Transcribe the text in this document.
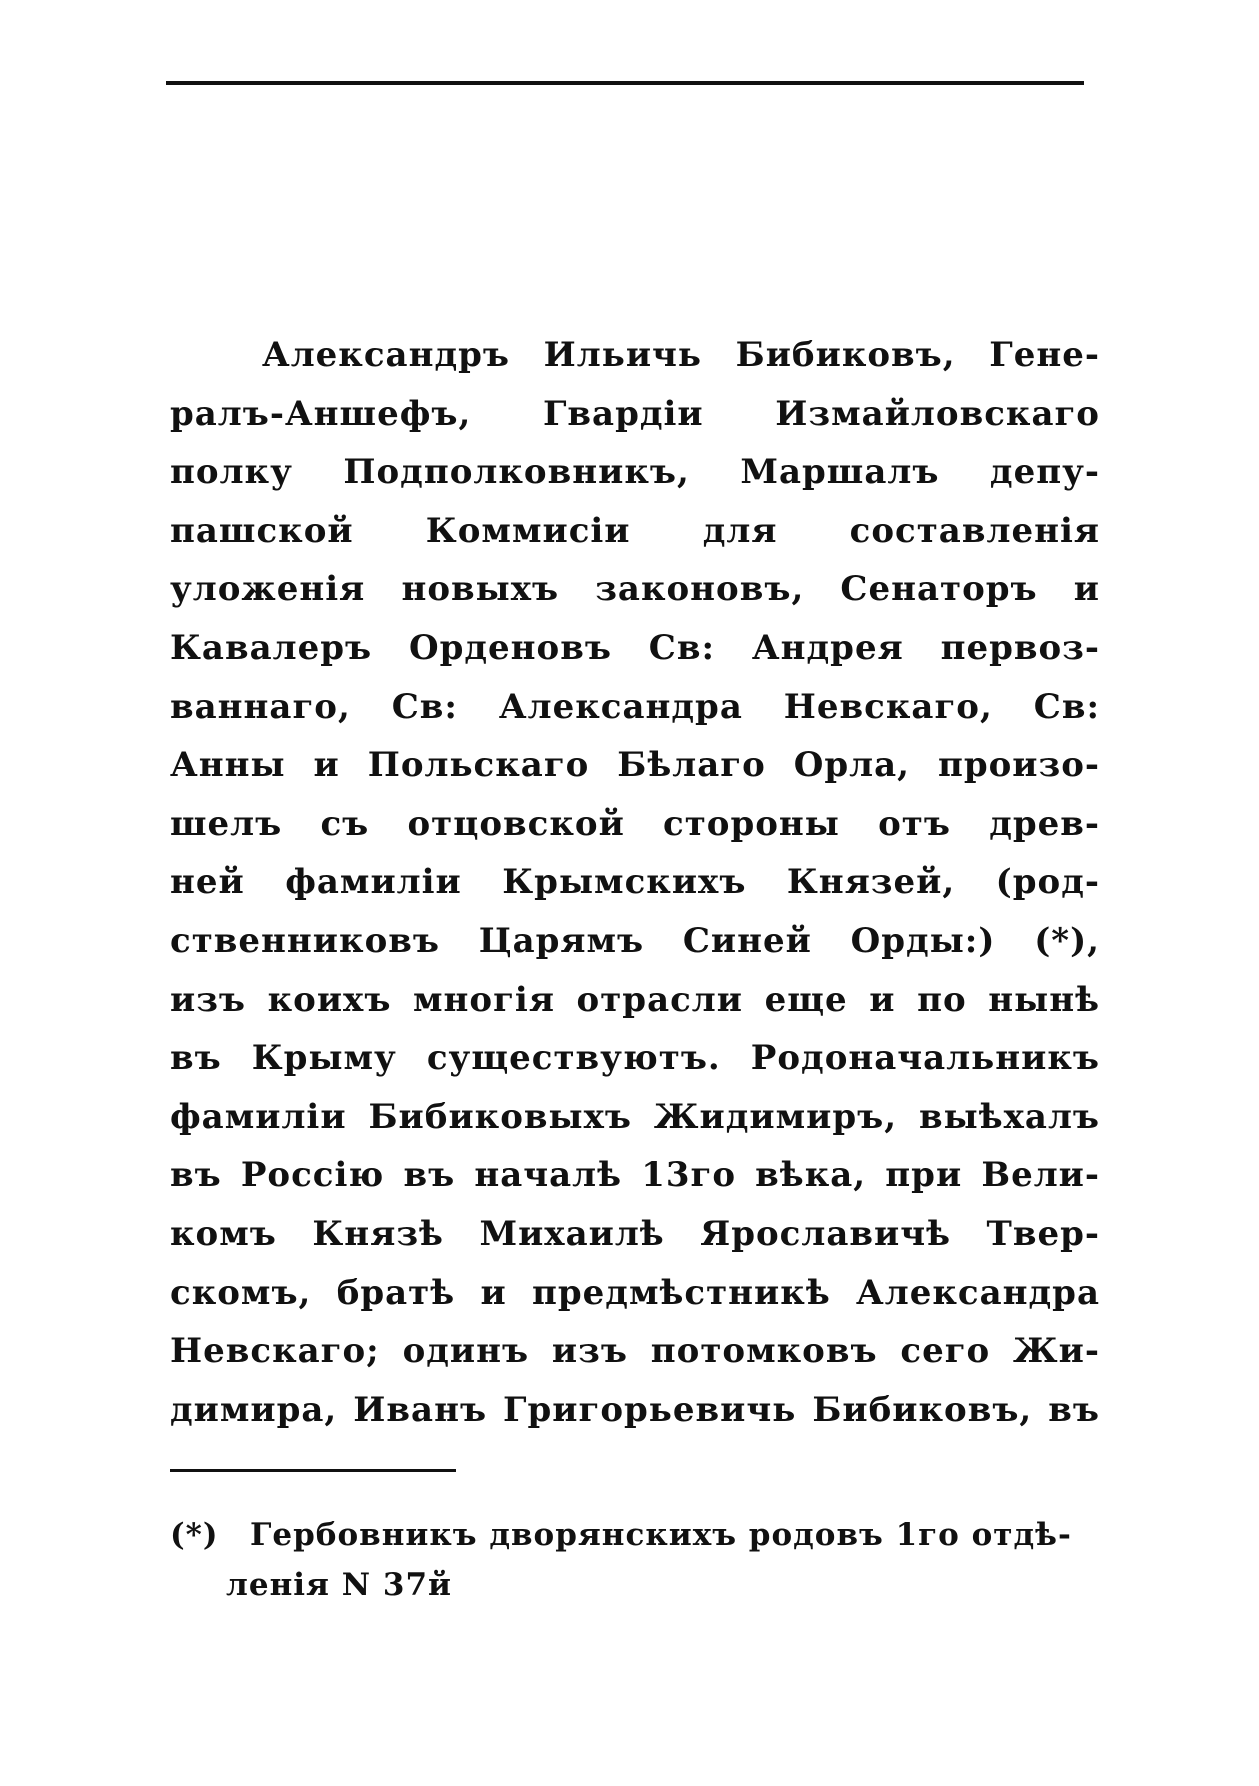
Александръ Ильичь Бибиковъ, Гене-
ралъ-Аншефъ, Гвардіи Измайловскаго
полку Подполковникъ, Маршалъ депу-
пашской Коммисіи для составленія
уложенія новыхъ законовъ, Сенаторъ и
Кавалеръ Орденовъ Св: Андрея первоз-
ваннаго, Св: Александра Невскаго, Св:
Анны и Польскаго Бѣлаго Орла, произо-
шелъ съ отцовской стороны отъ древ-
ней фамиліи Крымскихъ Князей, (род-
ственниковъ Царямъ Синей Орды:) (*),
изъ коихъ многія отрасли еще и по нынѣ
въ Крыму существуютъ. Родоначальникъ
фамиліи Бибиковыхъ Жидимиръ, выѣхалъ
въ Россію въ началѣ 13го вѣка, при Вели-
комъ Князѣ Михаилѣ Ярославичѣ Твер-
скомъ, братѣ и предмѣстникѣ Александра
Невскаго; одинъ изъ потомковъ сего Жи-
димира, Иванъ Григорьевичь Бибиковъ, въ
(*) Гербовникъ дворянскихъ родовъ 1го отдѣ-
ленія N 37й
